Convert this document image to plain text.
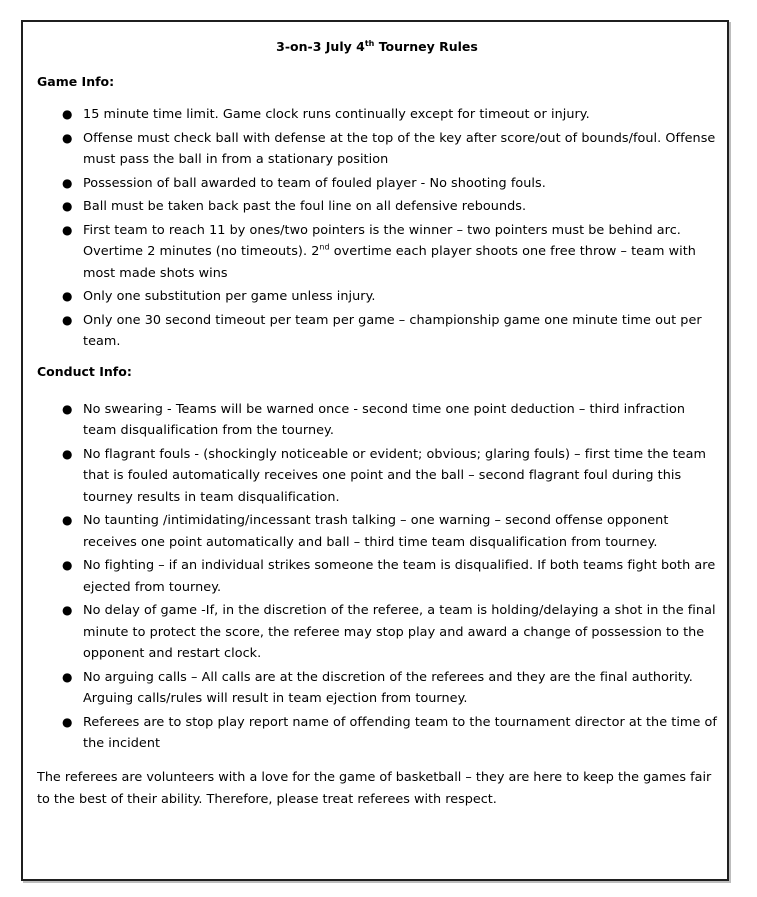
3-on-3 July 4th Tourney Rules

Game Info:

● 15 minute time limit. Game clock runs continually except for timeout or injury.
● Offense must check ball with defense at the top of the key after score/out of bounds/foul. Offense must pass the ball in from a stationary position
● Possession of ball awarded to team of fouled player - No shooting fouls.
● Ball must be taken back past the foul line on all defensive rebounds.
● First team to reach 11 by ones/two pointers is the winner – two pointers must be behind arc. Overtime 2 minutes (no timeouts). 2nd overtime each player shoots one free throw – team with most made shots wins
● Only one substitution per game unless injury.
● Only one 30 second timeout per team per game – championship game one minute time out per team.

Conduct Info:

● No swearing - Teams will be warned once - second time one point deduction – third infraction team disqualification from the tourney.
● No flagrant fouls - (shockingly noticeable or evident; obvious; glaring fouls) – first time the team that is fouled automatically receives one point and the ball – second flagrant foul during this tourney results in team disqualification.
● No taunting /intimidating/incessant trash talking – one warning – second offense opponent receives one point automatically and ball – third time team disqualification from tourney.
● No fighting – if an individual strikes someone the team is disqualified. If both teams fight both are ejected from tourney.
● No delay of game -If, in the discretion of the referee, a team is holding/delaying a shot in the final minute to protect the score, the referee may stop play and award a change of possession to the opponent and restart clock.
● No arguing calls – All calls are at the discretion of the referees and they are the final authority. Arguing calls/rules will result in team ejection from tourney.
● Referees are to stop play report name of offending team to the tournament director at the time of the incident

The referees are volunteers with a love for the game of basketball – they are here to keep the games fair to the best of their ability. Therefore, please treat referees with respect.
